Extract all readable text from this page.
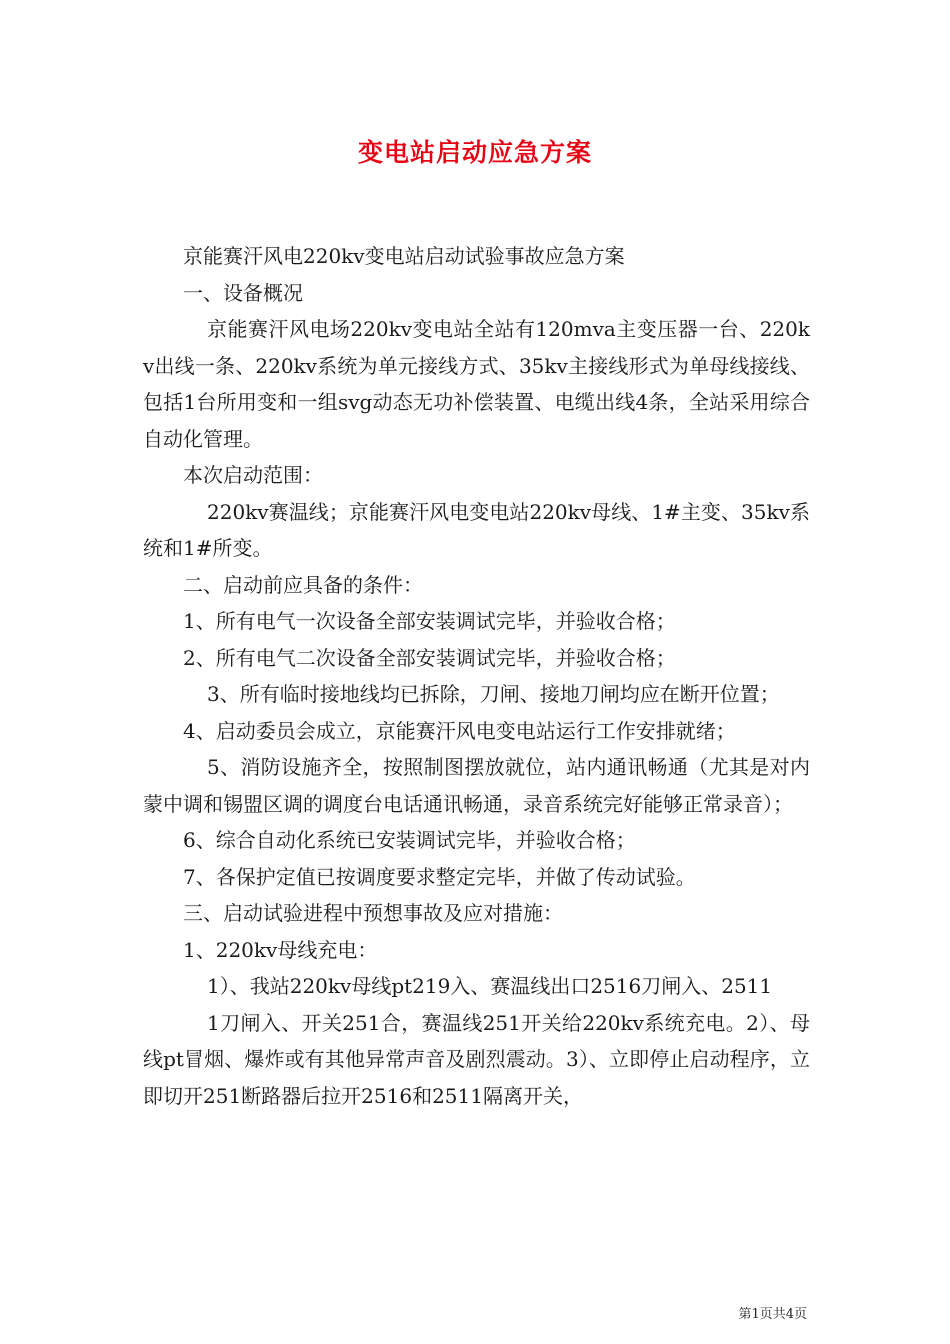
变电站启动应急方案

京能赛汗风电220kv变电站启动试验事故应急方案

一、设备概况

京能赛汗风电场220kv变电站全站有120mva主变压器一台、220kv出线一条、220kv系统为单元接线方式、35kv主接线形式为单母线接线、包括1台所用变和一组svg动态无功补偿装置、电缆出线4条，全站采用综合自动化管理。

本次启动范围：

220kv赛温线；京能赛汗风电变电站220kv母线、1#主变、35kv系统和1#所变。

二、启动前应具备的条件：

1、所有电气一次设备全部安装调试完毕，并验收合格；

2、所有电气二次设备全部安装调试完毕，并验收合格；

3、所有临时接地线均已拆除，刀闸、接地刀闸均应在断开位置；

4、启动委员会成立，京能赛汗风电变电站运行工作安排就绪；

5、消防设施齐全，按照制图摆放就位，站内通讯畅通（尤其是对内蒙中调和锡盟区调的调度台电话通讯畅通，录音系统完好能够正常录音）；

6、综合自动化系统已安装调试完毕，并验收合格；

7、各保护定值已按调度要求整定完毕，并做了传动试验。

三、启动试验进程中预想事故及应对措施：

1、220kv母线充电：

1）、我站220kv母线pt219入、赛温线出口2516刀闸入、2511

1刀闸入、开关251合，赛温线251开关给220kv系统充电。2）、母线pt冒烟、爆炸或有其他异常声音及剧烈震动。3）、立即停止启动程序，立即切开251断路器后拉开2516和2511隔离开关，

第1页共4页
